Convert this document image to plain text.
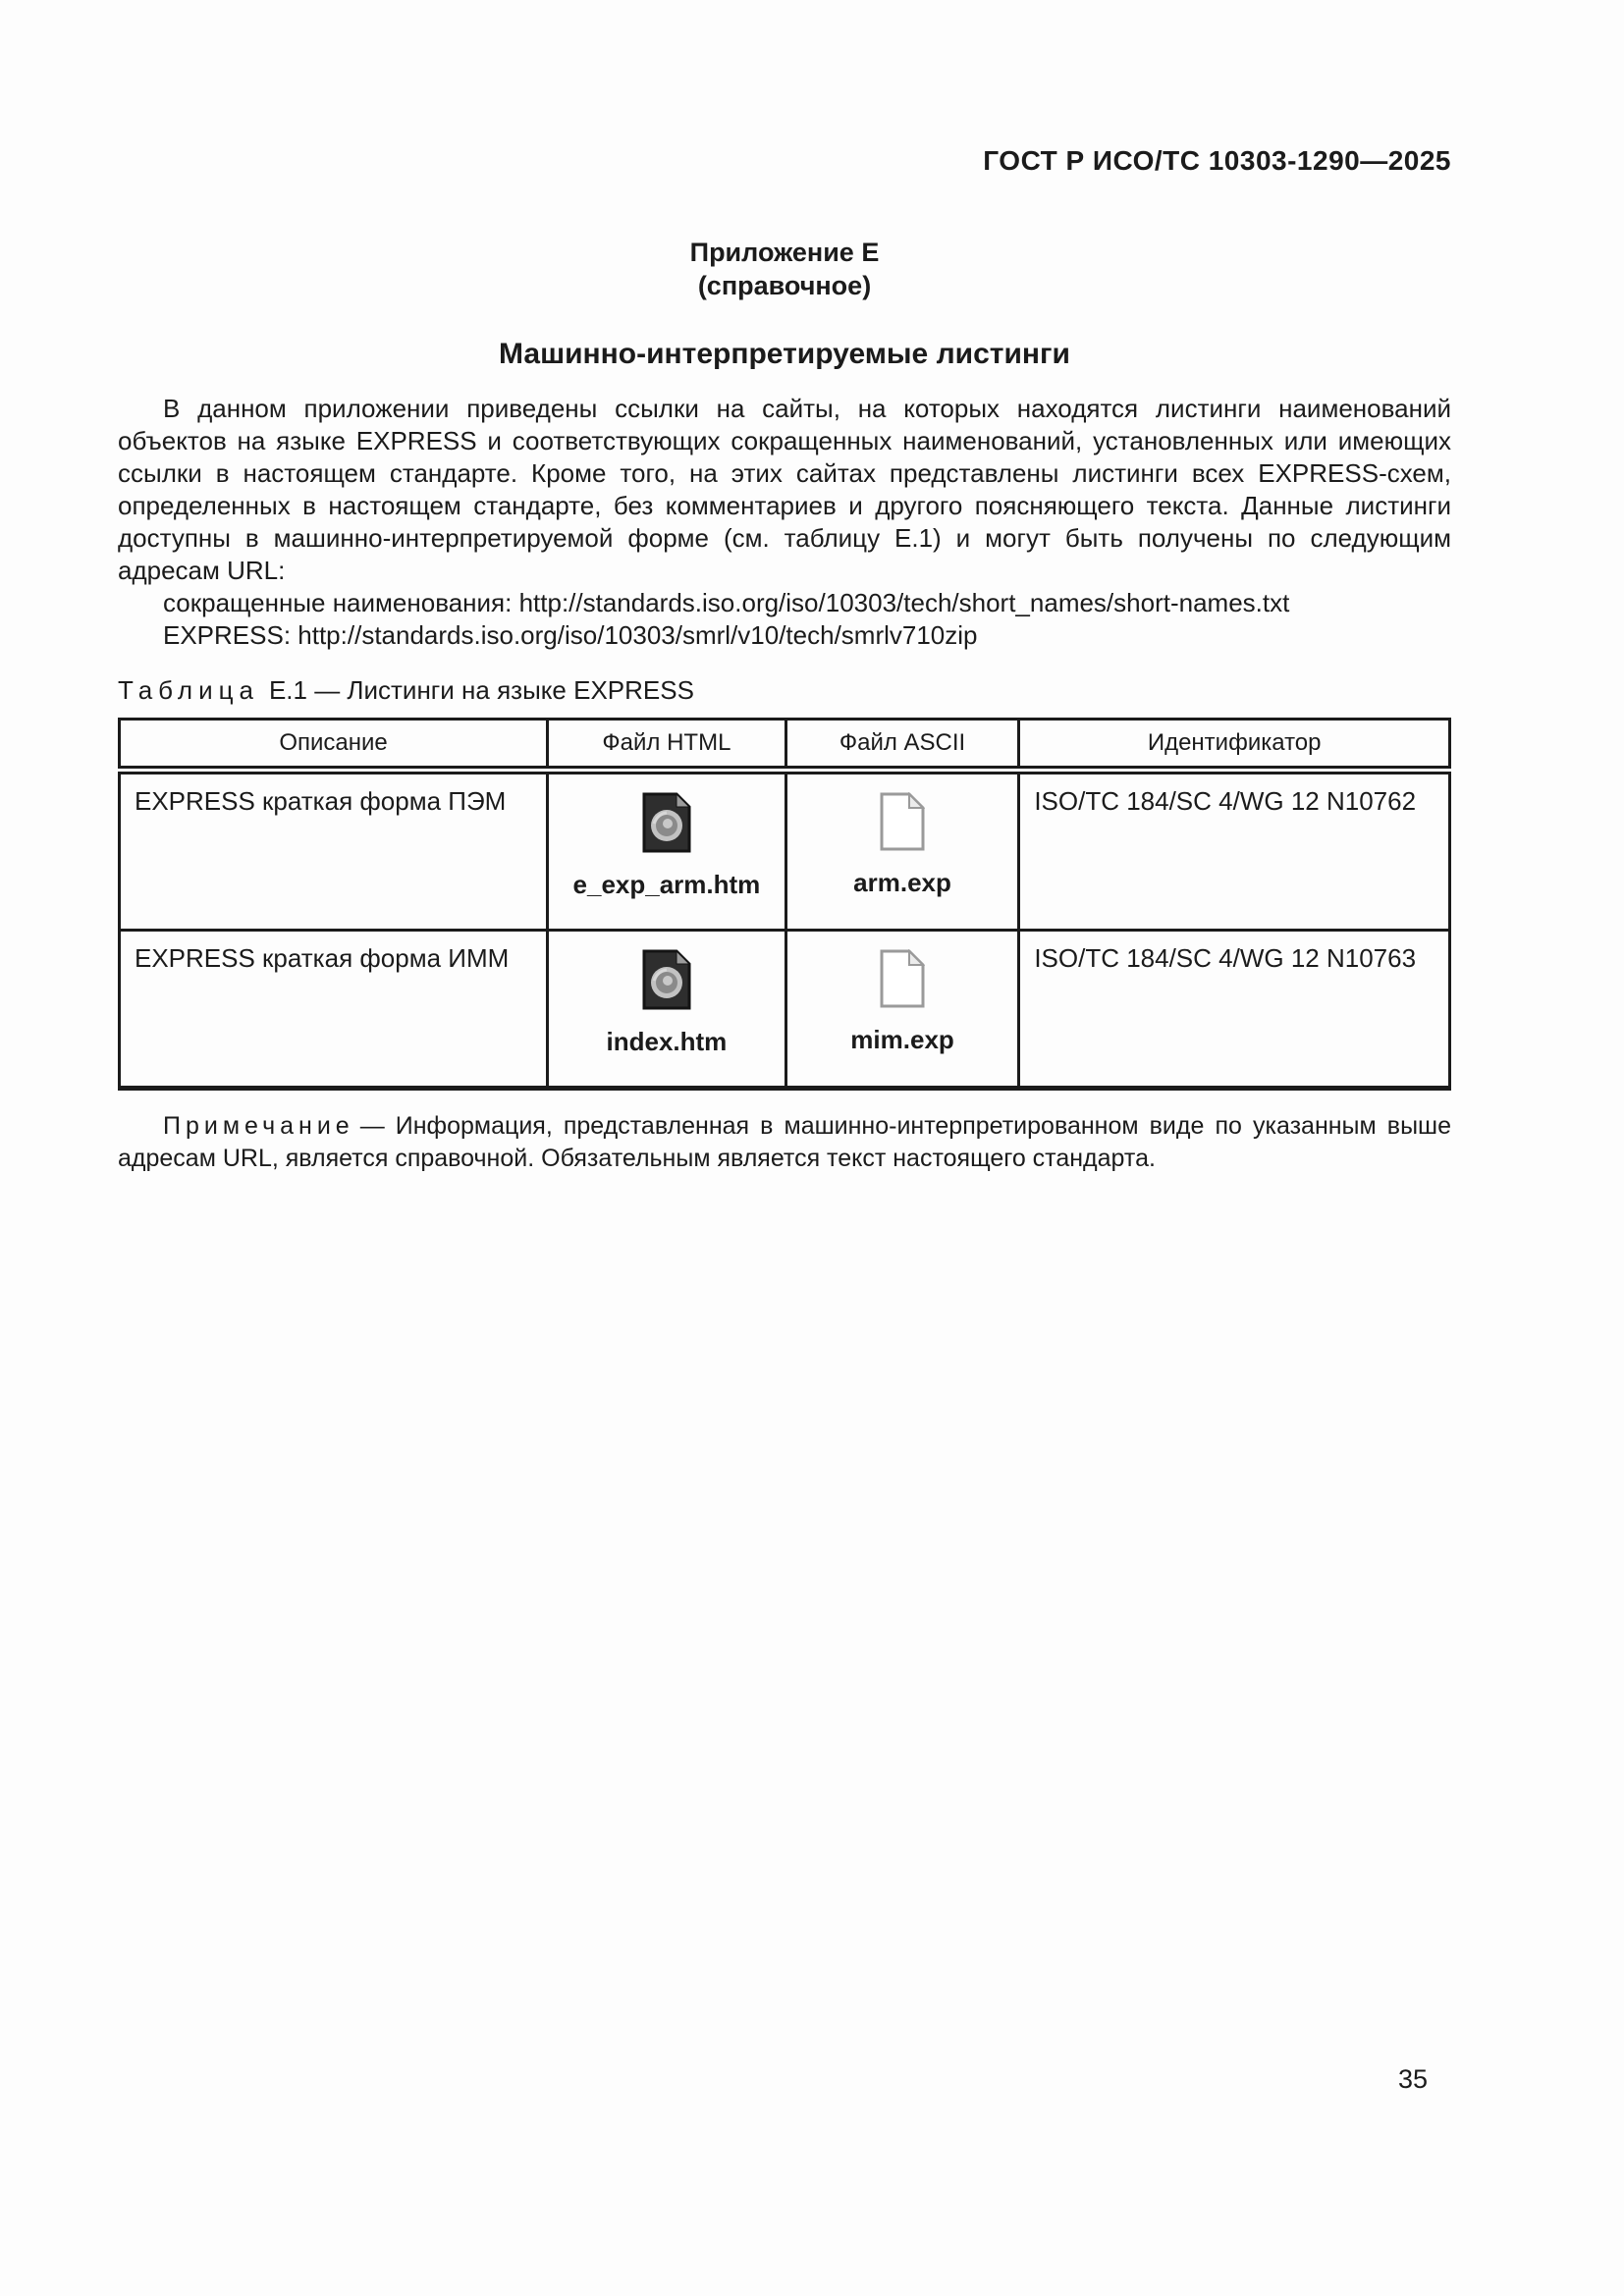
ГОСТ Р ИСО/ТС 10303-1290—2025
Приложение Е
(справочное)
Машинно-интерпретируемые листинги

В данном приложении приведены ссылки на сайты, на которых находятся листинги наименований объектов на языке EXPRESS и соответствующих сокращенных наименований, установленных или имеющих ссылки в настоящем стандарте. Кроме того, на этих сайтах представлены листинги всех EXPRESS-схем, определенных в настоящем стандарте, без комментариев и другого поясняющего текста. Данные листинги доступны в машинно-интерпретируемой форме (см. таблицу Е.1) и могут быть получены по следующим адресам URL:

сокращенные наименования: http://standards.iso.org/iso/10303/tech/short_names/short-names.txt
EXPRESS: http://standards.iso.org/iso/10303/smrl/v10/tech/smrlv710zip
Таблица Е.1 — Листинги на языке EXPRESS
Описание	Файл HTML	Файл ASCII	Идентификатор
EXPRESS краткая форма ПЭМ	e_exp_arm.htm	arm.exp	ISO/TC 184/SC 4/WG 12 N10762
EXPRESS краткая форма ИММ	index.htm	mim.exp	ISO/TC 184/SC 4/WG 12 N10763

Примечание — Информация, представленная в машинно-интерпретированном виде по указанным выше адресам URL, является справочной. Обязательным является текст настоящего стандарта.

35
